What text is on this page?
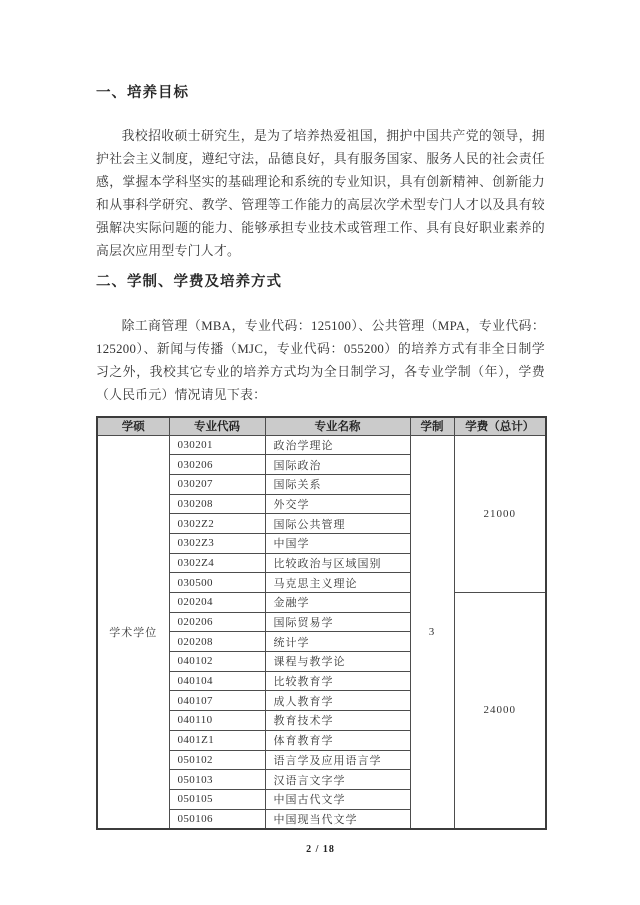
一、培养目标

我校招收硕士研究生，是为了培养热爱祖国，拥护中国共产党的领导，拥护社会主义制度，遵纪守法，品德良好，具有服务国家、服务人民的社会责任感，掌握本学科坚实的基础理论和系统的专业知识，具有创新精神、创新能力和从事科学研究、教学、管理等工作能力的高层次学术型专门人才以及具有较强解决实际问题的能力、能够承担专业技术或管理工作、具有良好职业素养的高层次应用型专门人才。

二、学制、学费及培养方式

除工商管理（MBA，专业代码：125100）、公共管理（MPA，专业代码：125200）、新闻与传播（MJC，专业代码：055200）的培养方式有非全日制学习之外，我校其它专业的培养方式均为全日制学习，各专业学制（年），学费（人民币元）情况请见下表：

学硕	专业代码	专业名称	学制	学费（总计）
学术学位	030201	政治学理论	3	21000
	030206	国际政治		
	030207	国际关系		
	030208	外交学		
	0302Z2	国际公共管理		
	0302Z3	中国学		
	0302Z4	比较政治与区域国别		
	030500	马克思主义理论		
	020204	金融学		24000
	020206	国际贸易学		
	020208	统计学		
	040102	课程与教学论		
	040104	比较教育学		
	040107	成人教育学		
	040110	教育技术学		
	0401Z1	体育教育学		
	050102	语言学及应用语言学		
	050103	汉语言文字学		
	050105	中国古代文学		
	050106	中国现当代文学		
2 / 18
